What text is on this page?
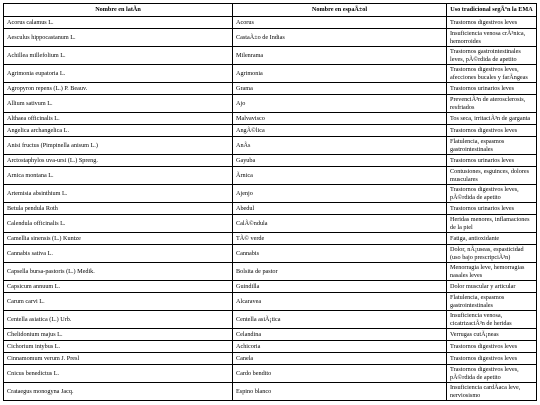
Nombre en latÃn	Nombre en espaÃ±ol	Uso tradicional segÃºn la EMA
Acorus calamus L.	Acorus	Trastornos digestivos leves
Aesculus hippocastanum L.	CastaÃ±o de Indias	Insuficiencia venosa crÃ³nica, hemorroides
Achillea millefolium L.	Milenrama	Trastornos gastrointestinales leves, pÃ©rdida de apetito
Agrimonia eupatoria L.	Agrimonia	Trastornos digestivos leves, afecciones bucales y farÃngeas
Agropyron repens (L.) P. Beauv.	Grama	Trastornos urinarios leves
Allium sativum L.	Ajo	PrevenciÃ³n de aterosclerosis, resfriados
Althaea officinalis L.	Malvavisco	Tos seca, irritaciÃ³n de garganta
Angelica archangelica L.	AngÃ©lica	Trastornos digestivos leves
Anisi fructus (Pimpinella anisum L.)	AnÃs	Flatulencia, espasmos gastrointestinales
Arctostaphylos uva-ursi (L.) Spreng.	Gayuba	Trastornos urinarios leves
Arnica montana L.	Ãrnica	Contusiones, esguinces, dolores musculares
Artemisia absinthium L.	Ajenjo	Trastornos digestivos leves, pÃ©rdida de apetito
Betula pendula Roth	Abedul	Trastornos urinarios leves
Calendula officinalis L.	CalÃ©ndula	Heridas menores, inflamaciones de la piel
Camellia sinensis (L.) Kuntze	TÃ© verde	Fatiga, antioxidante
Cannabis sativa L.	Cannabis	Dolor, nÃ¡useas, espasticidad (uso bajo prescripciÃ³n)
Capsella bursa-pastoris (L.) Medik.	Bolsita de pastor	Menorragia leve, hemorragias nasales leves
Capsicum annuum L.	Guindilla	Dolor muscular y articular
Carum carvi L.	Alcaravea	Flatulencia, espasmos gastrointestinales
Centella asiatica (L.) Urb.	Centella asiÃ¡tica	Insuficiencia venosa, cicatrizaciÃ³n de heridas
Chelidonium majus L.	Celandina	Verrugas cutÃ¡neas
Cichorium intybus L.	Achicoria	Trastornos digestivos leves
Cinnamomum verum J. Presl	Canela	Trastornos digestivos leves
Cnicus benedictus L.	Cardo bendito	Trastornos digestivos leves, pÃ©rdida de apetito
Crataegus monogyna Jacq.	Espino blanco	Insuficiencia cardÃaca leve, nerviosismo
